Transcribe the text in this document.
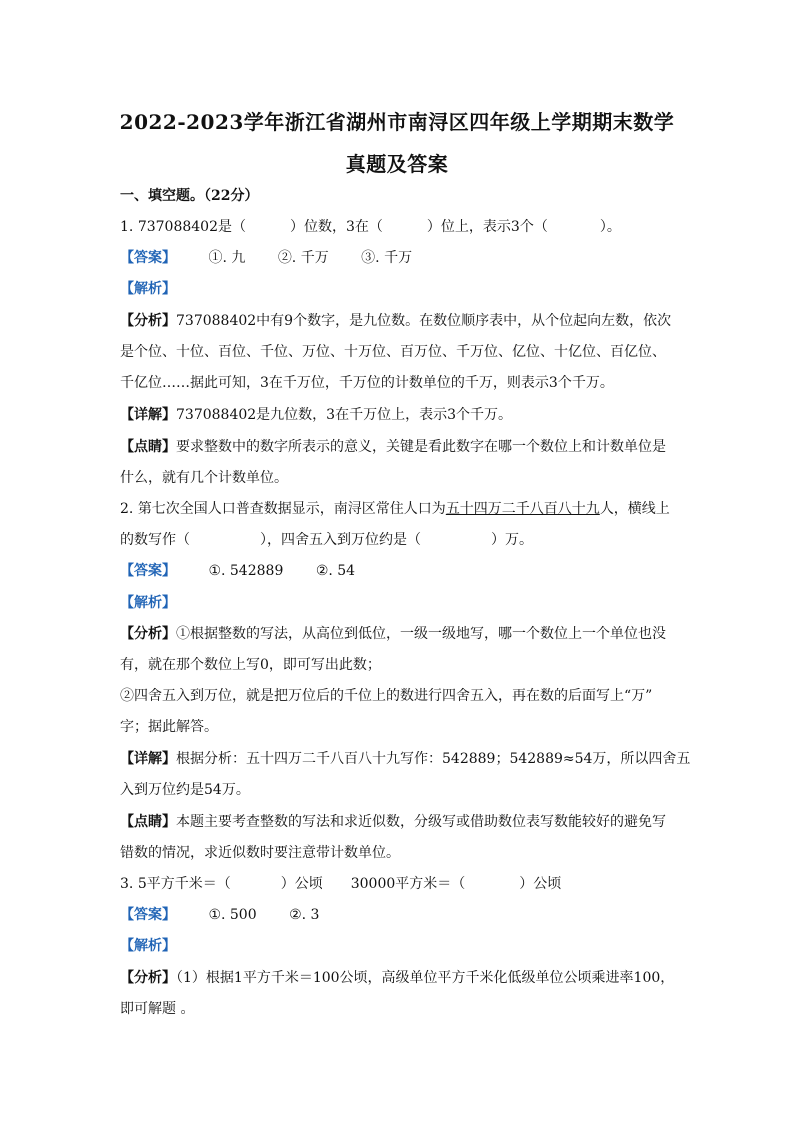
2022-2023学年浙江省湖州市南浔区四年级上学期期末数学
真题及答案
一、填空题。（22分）
1. 737088402是（	）位数，3在（	）位上，表示3个（	）。
【答案】 ①. 九 ②. 千万 ③. 千万
【解析】
【分析】737088402中有9个数字，是九位数。在数位顺序表中，从个位起向左数，依次
是个位、十位、百位、千位、万位、十万位、百万位、千万位、亿位、十亿位、百亿位、
千亿位……据此可知，3在千万位，千万位的计数单位的千万，则表示3个千万。
【详解】737088402是九位数，3在千万位上，表示3个千万。
【点睛】要求整数中的数字所表示的意义，关键是看此数字在哪一个数位上和计数单位是
什么，就有几个计数单位。
2. 第七次全国人口普查数据显示，南浔区常住人口为五十四万二千八百八十九人，横线上
的数写作（	），四舍五入到万位约是（	）万。
【答案】 ①. 542889 ②. 54
【解析】
【分析】①根据整数的写法，从高位到低位，一级一级地写，哪一个数位上一个单位也没
有，就在那个数位上写0，即可写出此数；
②四舍五入到万位，就是把万位后的千位上的数进行四舍五入，再在数的后面写上“万”
字；据此解答。
【详解】根据分析：五十四万二千八百八十九写作：542889；542889≈54万，所以四舍五
入到万位约是54万。
【点睛】本题主要考查整数的写法和求近似数，分级写或借助数位表写数能较好的避免写
错数的情况，求近似数时要注意带计数单位。
3. 5平方千米＝（	）公顷 30000平方米＝（	）公顷
【答案】 ①. 500 ②. 3
【解析】
【分析】（1）根据1平方千米＝100公顷，高级单位平方千米化低级单位公顷乘进率100，
即可解题 。
